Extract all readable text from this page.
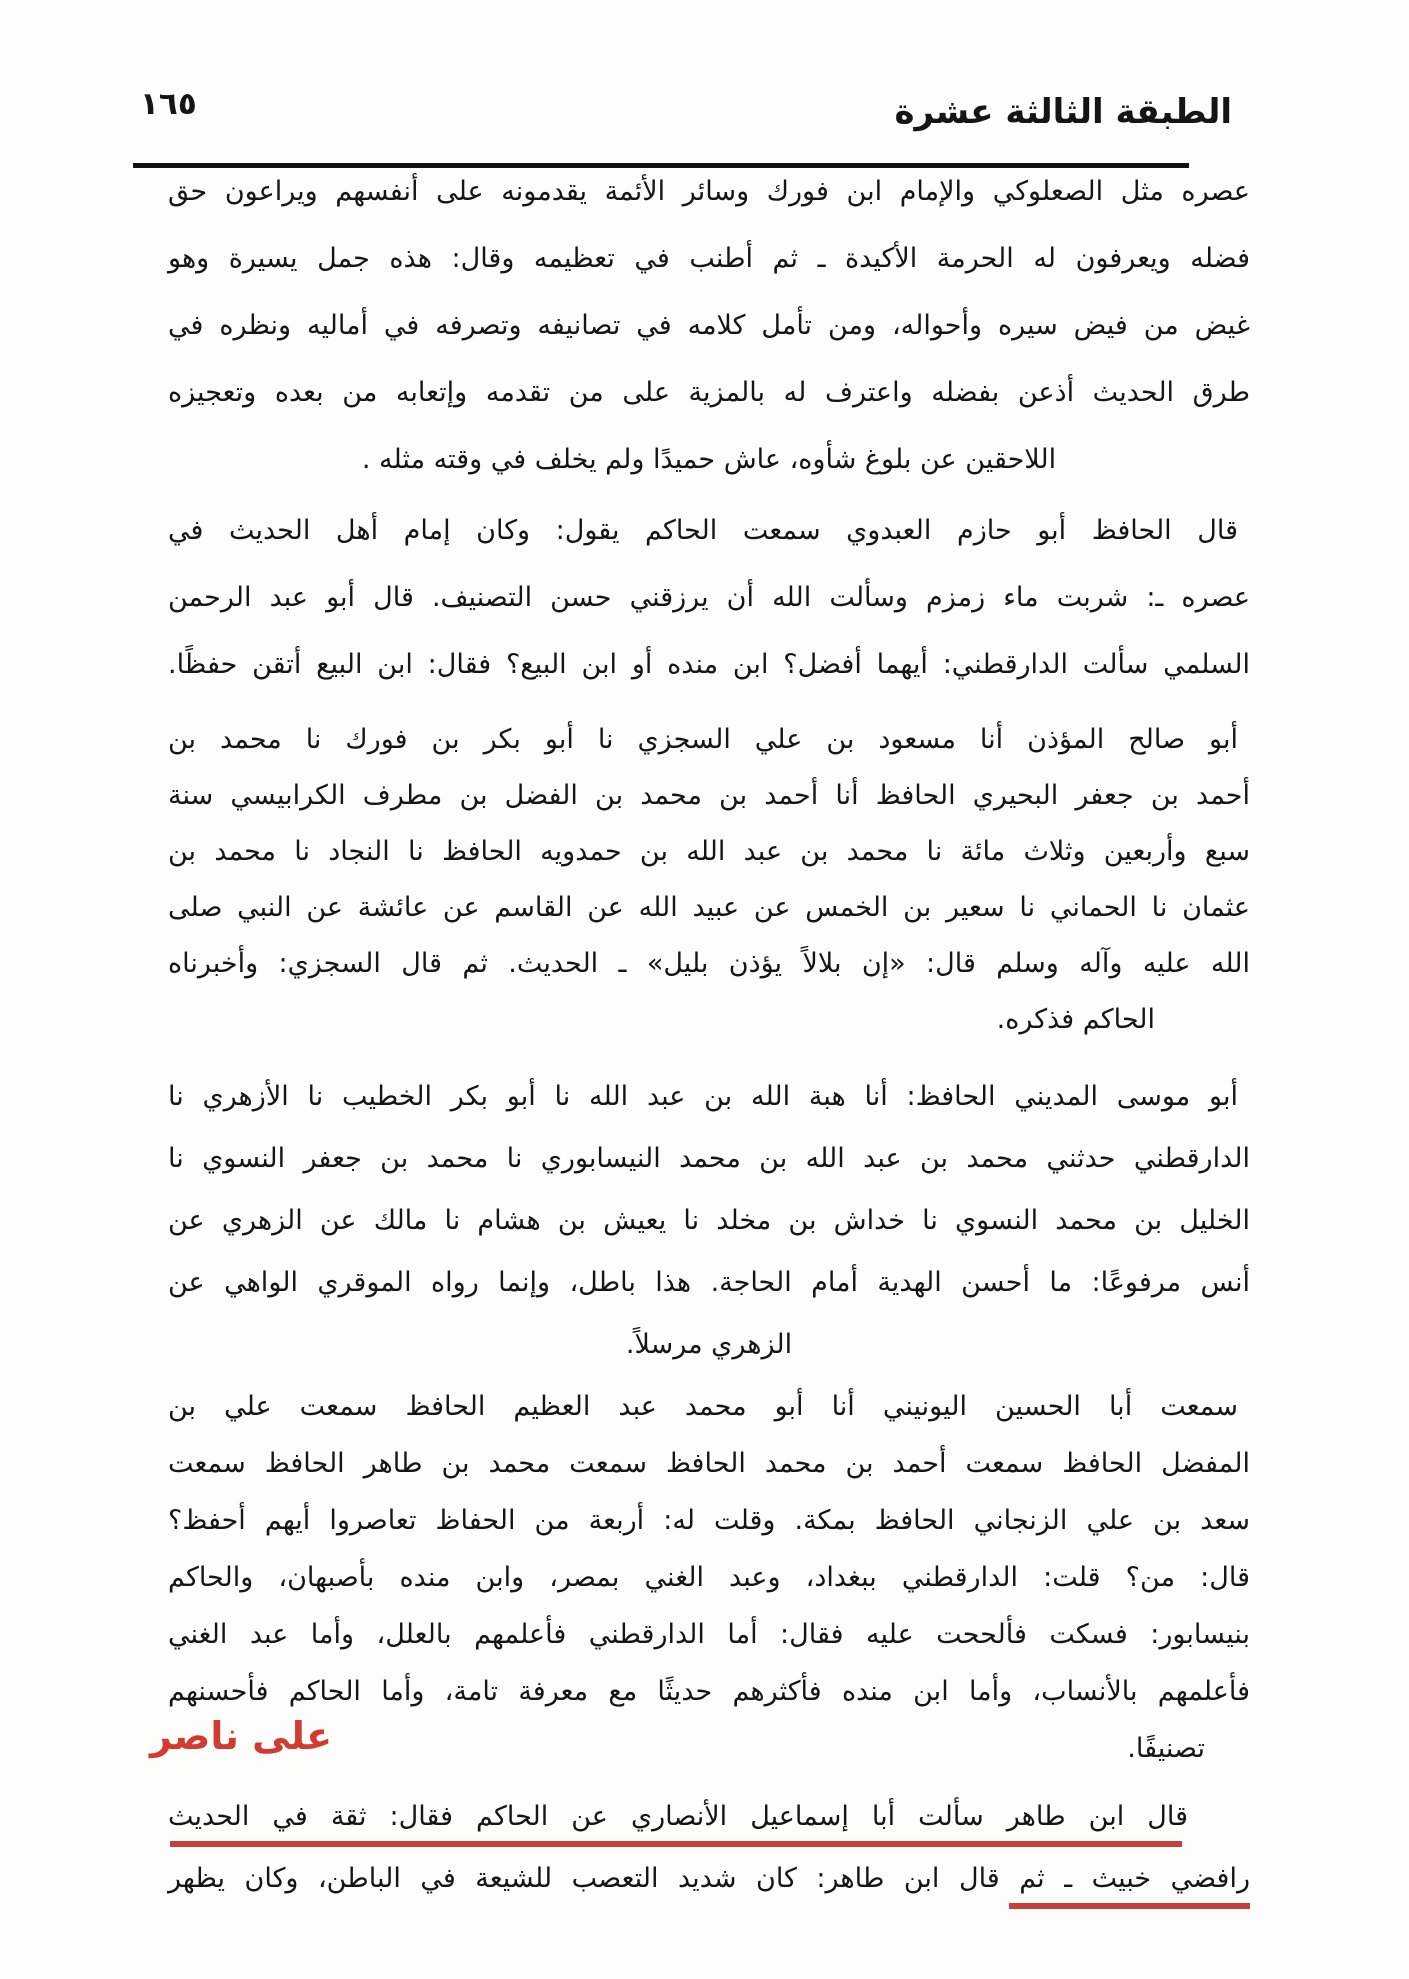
١٦٥	الطبقة الثالثة عشرة
عصره مثل الصعلوكي والإمام ابن فورك وسائر الأئمة يقدمونه على أنفسهم ويراعون حق
فضله ويعرفون له الحرمة الأكيدة ـ ثم أطنب في تعظيمه وقال: هذه جمل يسيرة وهو
غيض من فيض سيره وأحواله، ومن تأمل كلامه في تصانيفه وتصرفه في أماليه ونظره في
طرق الحديث أذعن بفضله واعترف له بالمزية على من تقدمه وإتعابه من بعده وتعجيزه
اللاحقين عن بلوغ شأوه، عاش حميدًا ولم يخلف في وقته مثله .
قال الحافظ أبو حازم العبدوي سمعت الحاكم يقول: وكان إمام أهل الحديث في
عصره ـ: شربت ماء زمزم وسألت الله أن يرزقني حسن التصنيف. قال أبو عبد الرحمن
السلمي سألت الدارقطني: أيهما أفضل؟ ابن منده أو ابن البيع؟ فقال: ابن البيع أتقن حفظًا.
أبو صالح المؤذن أنا مسعود بن علي السجزي نا أبو بكر بن فورك نا محمد بن
أحمد بن جعفر البحيري الحافظ أنا أحمد بن محمد بن الفضل بن مطرف الكرابيسي سنة
سبع وأربعين وثلاث مائة نا محمد بن عبد الله بن حمدويه الحافظ نا النجاد نا محمد بن
عثمان نا الحماني نا سعير بن الخمس عن عبيد الله عن القاسم عن عائشة عن النبي صلى
الله عليه وآله وسلم قال: «إن بلالاً يؤذن بليل» ـ الحديث. ثم قال السجزي: وأخبرناه
الحاكم فذكره.
أبو موسى المديني الحافظ: أنا هبة الله بن عبد الله نا أبو بكر الخطيب نا الأزهري نا
الدارقطني حدثني محمد بن عبد الله بن محمد النيسابوري نا محمد بن جعفر النسوي نا
الخليل بن محمد النسوي نا خداش بن مخلد نا يعيش بن هشام نا مالك عن الزهري عن
أنس مرفوعًا: ما أحسن الهدية أمام الحاجة. هذا باطل، وإنما رواه الموقري الواهي عن
الزهري مرسلاً.
سمعت أبا الحسين اليونيني أنا أبو محمد عبد العظيم الحافظ سمعت علي بن
المفضل الحافظ سمعت أحمد بن محمد الحافظ سمعت محمد بن طاهر الحافظ سمعت
سعد بن علي الزنجاني الحافظ بمكة. وقلت له: أربعة من الحفاظ تعاصروا أيهم أحفظ؟
قال: من؟ قلت: الدارقطني ببغداد، وعبد الغني بمصر، وابن منده بأصبهان، والحاكم
بنيسابور: فسكت فألححت عليه فقال: أما الدارقطني فأعلمهم بالعلل، وأما عبد الغني
فأعلمهم بالأنساب، وأما ابن منده فأكثرهم حديثًا مع معرفة تامة، وأما الحاكم فأحسنهم
تصنيفًا.
على ناصر
قال ابن طاهر سألت أبا إسماعيل الأنصاري عن الحاكم فقال: ثقة في الحديث
رافضي خبيث ـ ثم قال ابن طاهر: كان شديد التعصب للشيعة في الباطن، وكان يظهر
